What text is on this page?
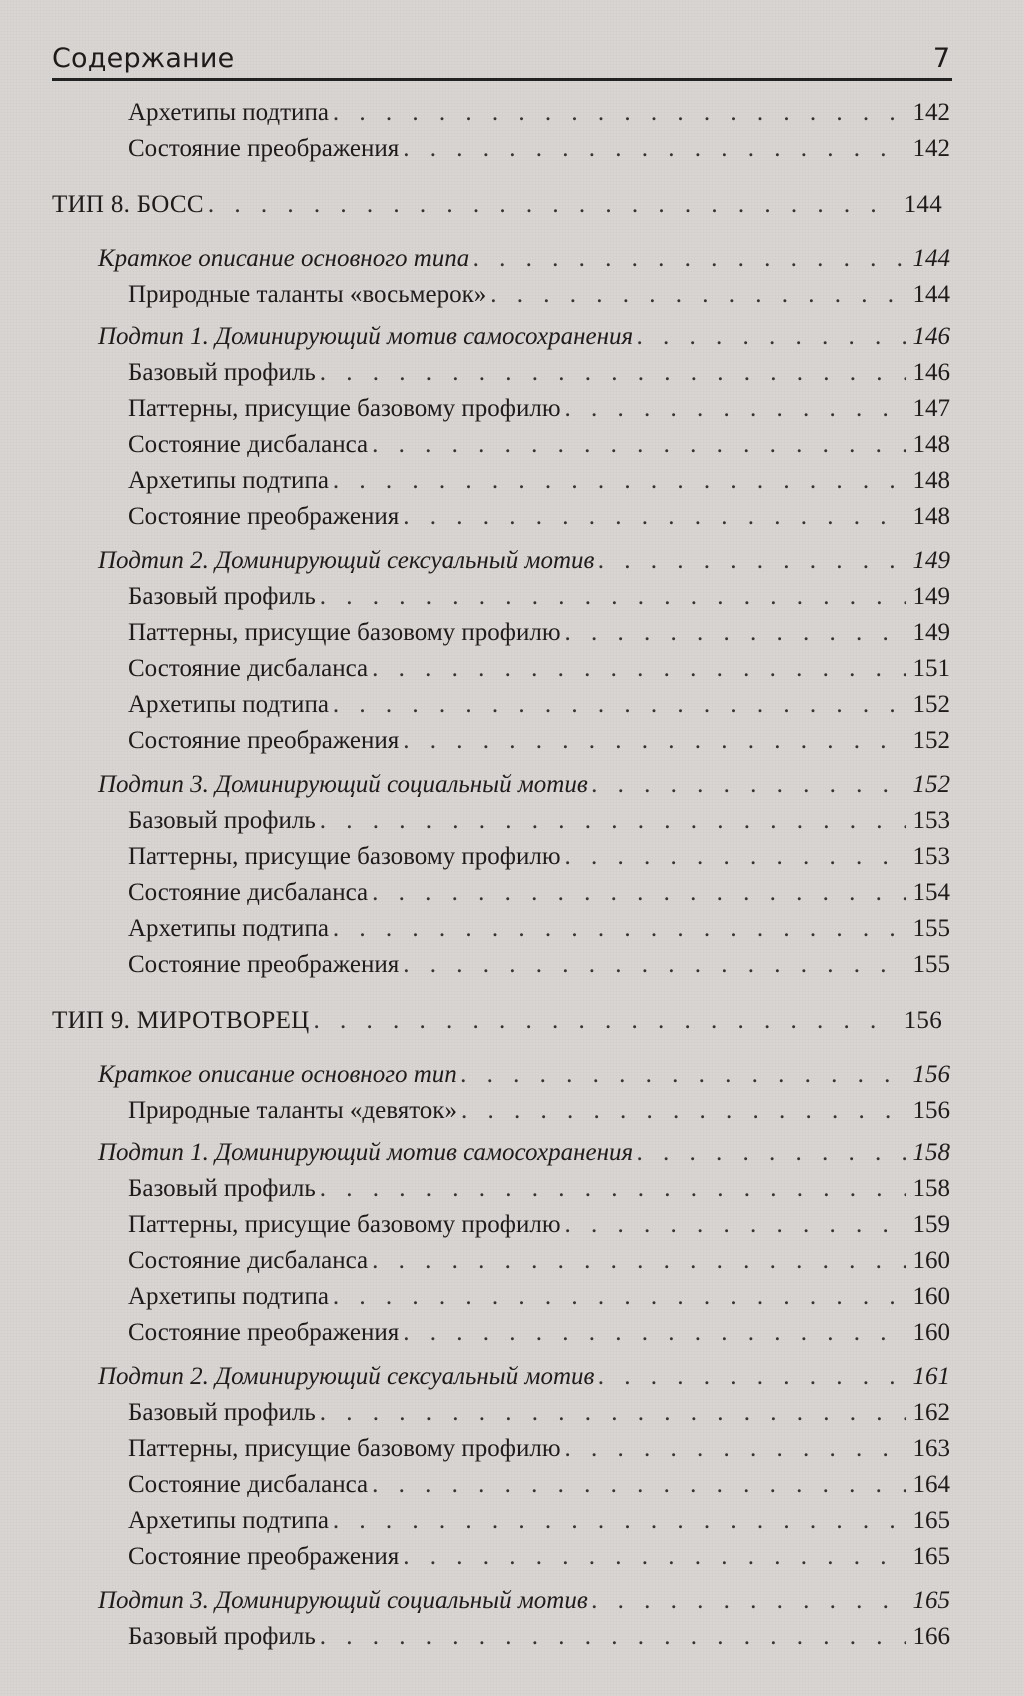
Содержание	7
Архетипы подтипа . . .	142
Состояние преображения . . .	142
ТИП 8. БОСС . . .	144
Краткое описание основного типа . . .	144
Природные таланты «восьмерок» . . .	144
Подтип 1. Доминирующий мотив самосохранения . . .	146
Базовый профиль . . .	146
Паттерны, присущие базовому профилю . . .	147
Состояние дисбаланса . . .	148
Архетипы подтипа . . .	148
Состояние преображения . . .	148
Подтип 2. Доминирующий сексуальный мотив . . .	149
Базовый профиль . . .	149
Паттерны, присущие базовому профилю . . .	149
Состояние дисбаланса . . .	151
Архетипы подтипа . . .	152
Состояние преображения . . .	152
Подтип 3. Доминирующий социальный мотив . . .	152
Базовый профиль . . .	153
Паттерны, присущие базовому профилю . . .	153
Состояние дисбаланса . . .	154
Архетипы подтипа . . .	155
Состояние преображения . . .	155
ТИП 9. МИРОТВОРЕЦ . . .	156
Краткое описание основного тип . . .	156
Природные таланты «девяток» . . .	156
Подтип 1. Доминирующий мотив самосохранения . . .	158
Базовый профиль . . .	158
Паттерны, присущие базовому профилю . . .	159
Состояние дисбаланса . . .	160
Архетипы подтипа . . .	160
Состояние преображения . . .	160
Подтип 2. Доминирующий сексуальный мотив . . .	161
Базовый профиль . . .	162
Паттерны, присущие базовому профилю . . .	163
Состояние дисбаланса . . .	164
Архетипы подтипа . . .	165
Состояние преображения . . .	165
Подтип 3. Доминирующий социальный мотив . . .	165
Базовый профиль . . .	166
